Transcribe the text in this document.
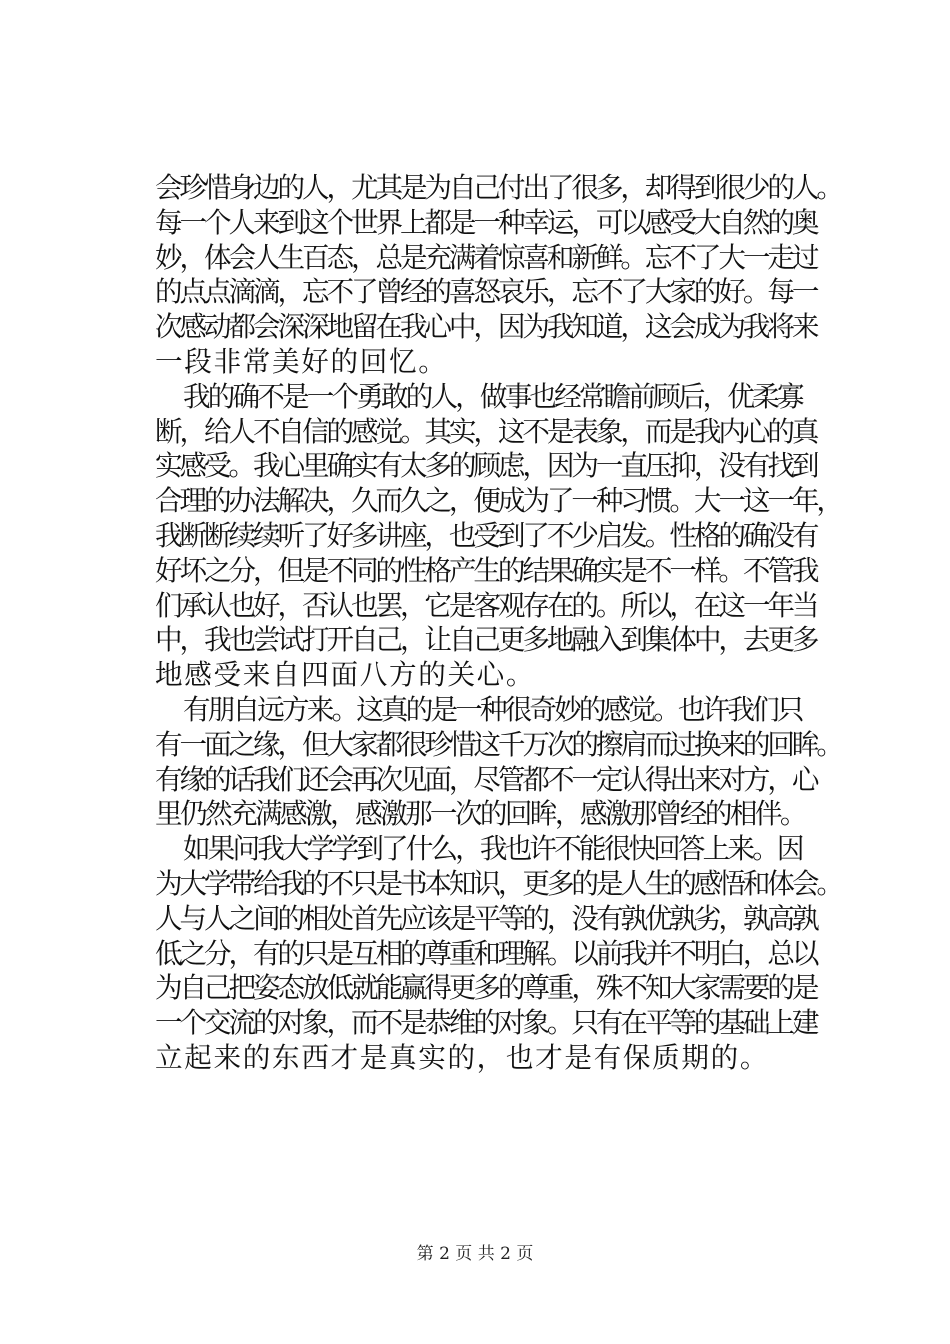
会珍惜身边的人，尤其是为自己付出了很多，却得到很少的人。
每一个人来到这个世界上都是一种幸运，可以感受大自然的奥
妙，体会人生百态，总是充满着惊喜和新鲜。忘不了大一走过
的点点滴滴，忘不了曾经的喜怒哀乐，忘不了大家的好。每一
次感动都会深深地留在我心中，因为我知道，这会成为我将来
一段非常美好的回忆。
我的确不是一个勇敢的人，做事也经常瞻前顾后，优柔寡
断，给人不自信的感觉。其实，这不是表象，而是我内心的真
实感受。我心里确实有太多的顾虑，因为一直压抑，没有找到
合理的办法解决，久而久之，便成为了一种习惯。大一这一年，
我断断续续听了好多讲座，也受到了不少启发。性格的确没有
好坏之分，但是不同的性格产生的结果确实是不一样。不管我
们承认也好，否认也罢，它是客观存在的。所以，在这一年当
中，我也尝试打开自己，让自己更多地融入到集体中，去更多
地感受来自四面八方的关心。
有朋自远方来。这真的是一种很奇妙的感觉。也许我们只
有一面之缘，但大家都很珍惜这千万次的擦肩而过换来的回眸。
有缘的话我们还会再次见面，尽管都不一定认得出来对方，心
里仍然充满感激，感激那一次的回眸，感激那曾经的相伴。
如果问我大学学到了什么，我也许不能很快回答上来。因
为大学带给我的不只是书本知识，更多的是人生的感悟和体会。
人与人之间的相处首先应该是平等的，没有孰优孰劣，孰高孰
低之分，有的只是互相的尊重和理解。以前我并不明白，总以
为自己把姿态放低就能赢得更多的尊重，殊不知大家需要的是
一个交流的对象，而不是恭维的对象。只有在平等的基础上建
立起来的东西才是真实的，也才是有保质期的。
第 2 页 共 2 页
